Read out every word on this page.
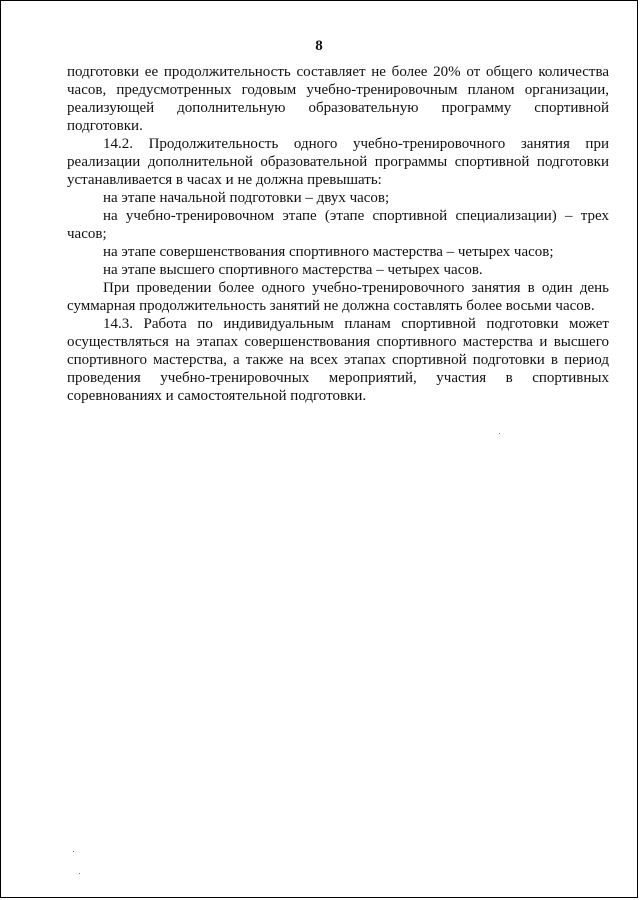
8

подготовки ее продолжительность составляет не более 20% от общего количества часов, предусмотренных годовым учебно-тренировочным планом организации, реализующей дополнительную образовательную программу спортивной подготовки.

14.2. Продолжительность одного учебно-тренировочного занятия при реализации дополнительной образовательной программы спортивной подготовки устанавливается в часах и не должна превышать:

на этапе начальной подготовки – двух часов;

на учебно-тренировочном этапе (этапе спортивной специализации) – трех часов;

на этапе совершенствования спортивного мастерства – четырех часов;

на этапе высшего спортивного мастерства – четырех часов.

При проведении более одного учебно-тренировочного занятия в один день суммарная продолжительность занятий не должна составлять более восьми часов.

14.3. Работа по индивидуальным планам спортивной подготовки может осуществляться на этапах совершенствования спортивного мастерства и высшего спортивного мастерства, а также на всех этапах спортивной подготовки в период проведения учебно-тренировочных мероприятий, участия в спортивных соревнованиях и самостоятельной подготовки.
